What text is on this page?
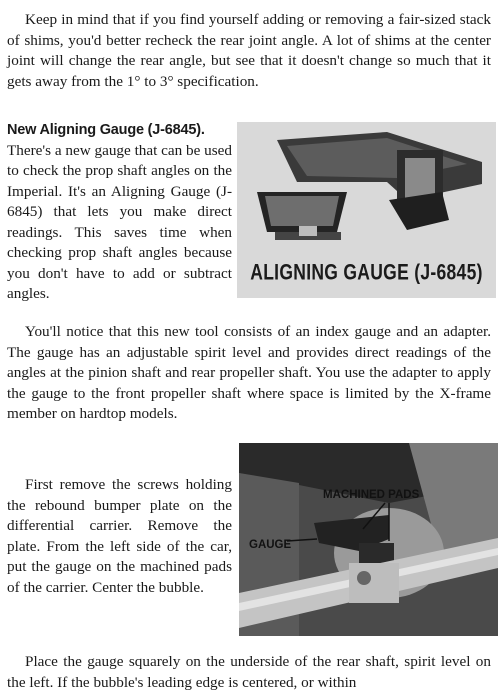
Keep in mind that if you find yourself adding or removing a fair-sized stack of shims, you'd better recheck the rear joint angle. A lot of shims at the center joint will change the rear angle, but see that it doesn't change so much that it gets away from the 1° to 3° specification.

New Aligning Gauge (J-6845).
There's a new gauge that can be used to check the prop shaft angles on the Imperial. It's an Aligning Gauge (J-6845) that lets you make direct readings. This saves time when checking prop shaft angles because you don't have to add or subtract angles.
ALIGNING GAUGE (J-6845)

You'll notice that this new tool consists of an index gauge and an adapter. The gauge has an adjustable spirit level and provides direct readings of the angles at the pinion shaft and rear propeller shaft. You use the adapter to apply the gauge to the front propeller shaft where space is limited by the X-frame member on hardtop models.

First remove the screws holding the rebound bumper plate on the differential carrier. Remove the plate. From the left side of the car, put the gauge on the machined pads of the carrier. Center the bubble.

MACHINED PADS
GAUGE

Place the gauge squarely on the underside of the rear shaft, spirit level on the left. If the bubble's leading edge is centered, or within
